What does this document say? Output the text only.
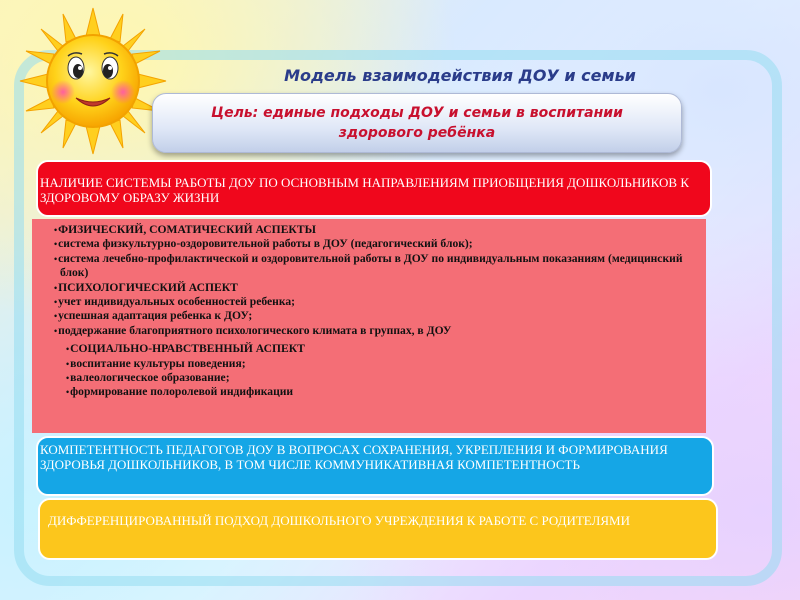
Модель взаимодействия ДОУ и семьи
Цель: единые подходы ДОУ и семьи в воспитании здорового ребёнка
НАЛИЧИЕ СИСТЕМЫ РАБОТЫ ДОУ ПО ОСНОВНЫМ НАПРАВЛЕНИЯМ ПРИОБЩЕНИЯ ДОШКОЛЬНИКОВ К ЗДОРОВОМУ ОБРАЗУ ЖИЗНИ
• ФИЗИЧЕСКИЙ, СОМАТИЧЕСКИЙ АСПЕКТЫ
• система физкультурно-оздоровительной работы в ДОУ (педагогический блок);
• система лечебно-профилактической и оздоровительной работы в ДОУ по индивидуальным показаниям (медицинский блок)
• ПСИХОЛОГИЧЕСКИЙ АСПЕКТ
• учет индивидуальных особенностей ребенка;
• успешная адаптация ребенка к ДОУ;
• поддержание благоприятного психологического климата в группах, в ДОУ
• СОЦИАЛЬНО-НРАВСТВЕННЫЙ АСПЕКТ
• воспитание культуры поведения;
• валеологическое образование;
• формирование полоролевой индификации
КОМПЕТЕНТНОСТЬ ПЕДАГОГОВ ДОУ В ВОПРОСАХ СОХРАНЕНИЯ, УКРЕПЛЕНИЯ И ФОРМИРОВАНИЯ ЗДОРОВЬЯ ДОШКОЛЬНИКОВ, В ТОМ ЧИСЛЕ КОММУНИКАТИВНАЯ КОМПЕТЕНТНОСТЬ
ДИФФЕРЕНЦИРОВАННЫЙ ПОДХОД ДОШКОЛЬНОГО УЧРЕЖДЕНИЯ К РАБОТЕ С РОДИТЕЛЯМИ
